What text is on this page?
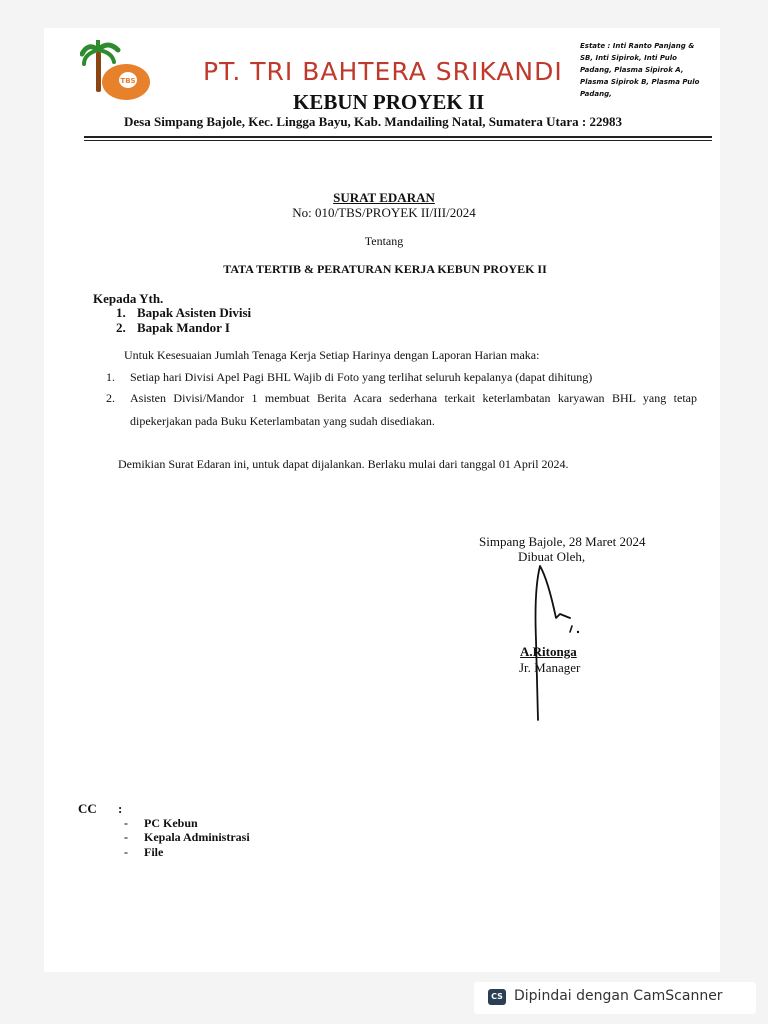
TBS	PT. TRI BAHTERA SRIKANDI
KEBUN PROYEK II
Desa Simpang Bajole, Kec. Lingga Bayu, Kab. Mandailing Natal, Sumatera Utara : 22983
Estate : Inti Ranto Panjang &
SB, Inti Sipirok, Inti Pulo
Padang, Plasma Sipirok A,
Plasma Sipirok B, Plasma Pulo
Padang,
SURAT EDARAN
No: 010/TBS/PROYEK II/III/2024
Tentang
TATA TERTIB & PERATURAN KERJA KEBUN PROYEK II
Kepada Yth.
1. Bapak Asisten Divisi
2. Bapak Mandor I
Untuk Kesesuaian Jumlah Tenaga Kerja Setiap Harinya dengan Laporan Harian maka:
1. Setiap hari Divisi Apel Pagi BHL Wajib di Foto yang terlihat seluruh kepalanya (dapat dihitung)
2. Asisten Divisi/Mandor 1 membuat Berita Acara sederhana terkait keterlambatan karyawan BHL yang tetap
dipekerjakan pada Buku Keterlambatan yang sudah disediakan.
Demikian Surat Edaran ini, untuk dapat dijalankan. Berlaku mulai dari tanggal 01 April 2024.
Simpang Bajole, 28 Maret 2024
Dibuat Oleh,
A.Ritonga
Jr. Manager
CC :
- PC Kebun
- Kepala Administrasi
- File
CS Dipindai dengan CamScanner
